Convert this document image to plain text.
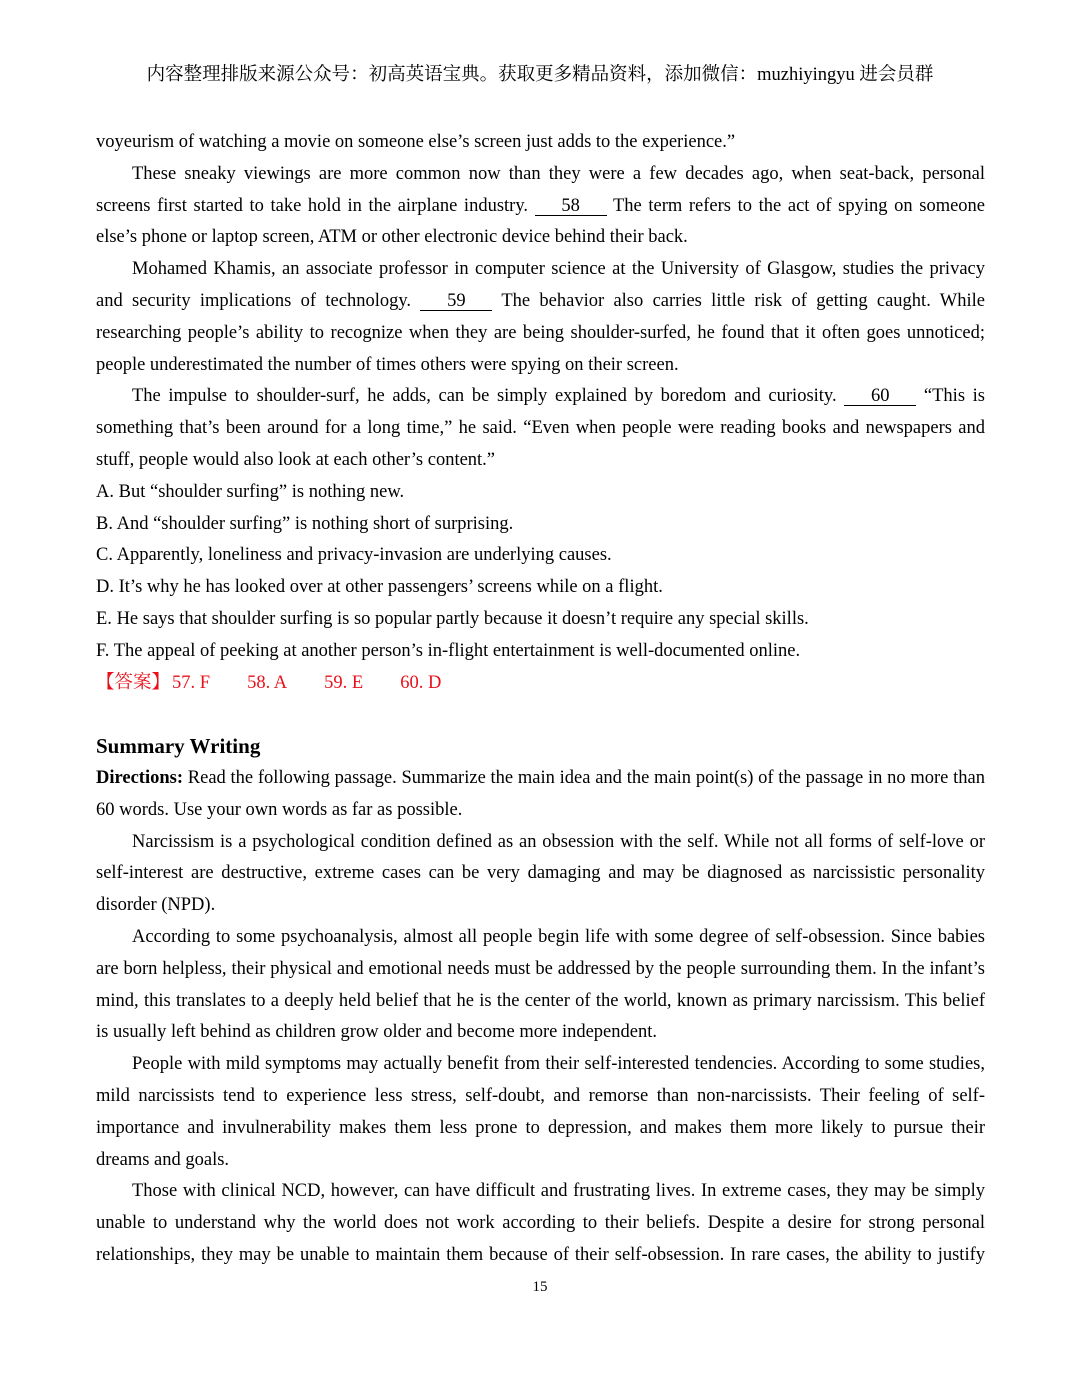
内容整理排版来源公众号：初高英语宝典。获取更多精品资料，添加微信：muzhiyingyu 进会员群
voyeurism of watching a movie on someone else’s screen just adds to the experience.”
These sneaky viewings are more common now than they were a few decades ago, when seat-back, personal
screens first started to take hold in the airplane industry. 58 The term refers to the act of spying on someone
else’s phone or laptop screen, ATM or other electronic device behind their back.
Mohamed Khamis, an associate professor in computer science at the University of Glasgow, studies the privacy
and security implications of technology. 59 The behavior also carries little risk of getting caught. While
researching people’s ability to recognize when they are being shoulder-surfed, he found that it often goes unnoticed;
people underestimated the number of times others were spying on their screen.
The impulse to shoulder-surf, he adds, can be simply explained by boredom and curiosity. 60 “This is
something that’s been around for a long time,” he said. “Even when people were reading books and newspapers and
stuff, people would also look at each other’s content.”
A. But “shoulder surfing” is nothing new.
B. And “shoulder surfing” is nothing short of surprising.
C. Apparently, loneliness and privacy-invasion are underlying causes.
D. It’s why he has looked over at other passengers’ screens while on a flight.
E. He says that shoulder surfing is so popular partly because it doesn’t require any special skills.
F. The appeal of peeking at another person’s in-flight entertainment is well-documented online.
【答案】 57. F 58. A 59. E 60. D
Summary Writing
Directions: Read the following passage. Summarize the main idea and the main point(s) of the passage in no more than
60 words. Use your own words as far as possible.
Narcissism is a psychological condition defined as an obsession with the self. While not all forms of self-love or
self-interest are destructive, extreme cases can be very damaging and may be diagnosed as narcissistic personality
disorder (NPD).
According to some psychoanalysis, almost all people begin life with some degree of self-obsession. Since babies
are born helpless, their physical and emotional needs must be addressed by the people surrounding them. In the infant’s
mind, this translates to a deeply held belief that he is the center of the world, known as primary narcissism. This belief
is usually left behind as children grow older and become more independent.
People with mild symptoms may actually benefit from their self-interested tendencies. According to some studies,
mild narcissists tend to experience less stress, self-doubt, and remorse than non-narcissists. Their feeling of self-
importance and invulnerability makes them less prone to depression, and makes them more likely to pursue their
dreams and goals.
Those with clinical NCD, however, can have difficult and frustrating lives. In extreme cases, they may be simply
unable to understand why the world does not work according to their beliefs. Despite a desire for strong personal
relationships, they may be unable to maintain them because of their self-obsession. In rare cases, the ability to justify
15
